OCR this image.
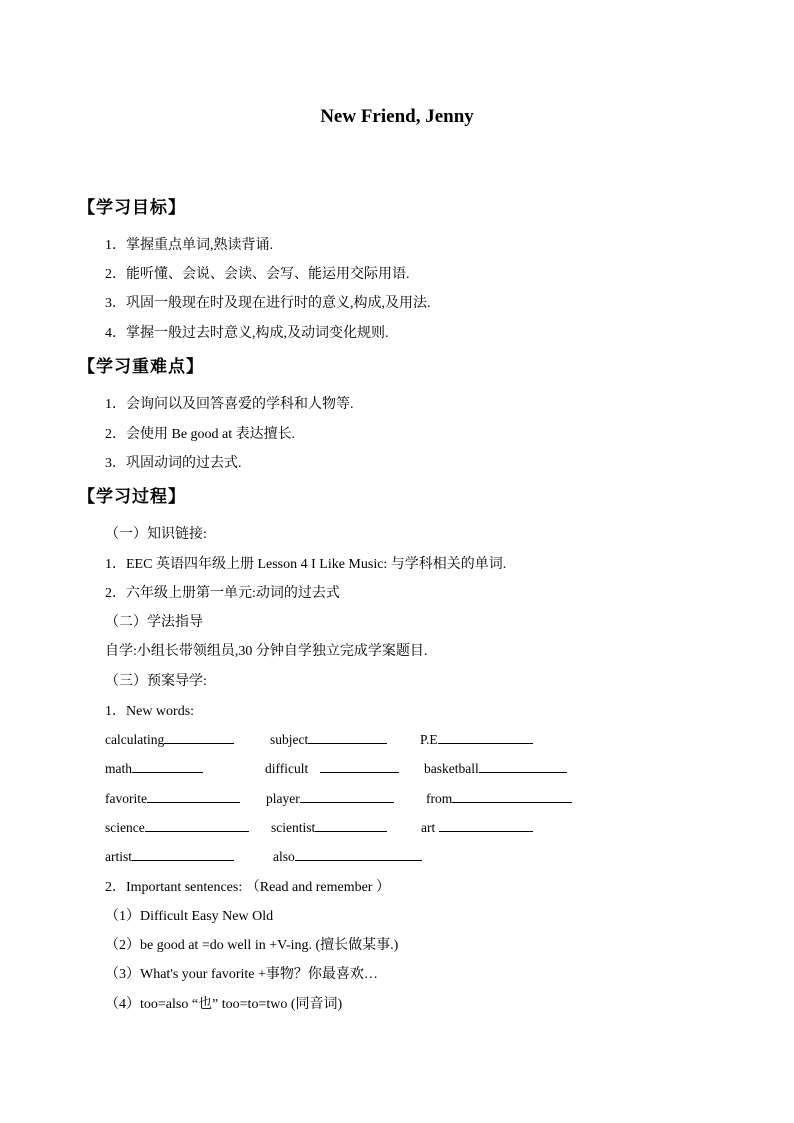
New Friend, Jenny
【学习目标】
1．掌握重点单词,熟读背诵.
2．能听懂、会说、会读、会写、能运用交际用语.
3．巩固一般现在时及现在进行时的意义,构成,及用法.
4．掌握一般过去时意义,构成,及动词变化规则.
【学习重难点】
1．会询问以及回答喜爱的学科和人物等.
2．会使用 Be good at 表达擅长.
3．巩固动词的过去式.
【学习过程】
（一）知识链接:
1．EEC 英语四年级上册 Lesson 4 I Like Music: 与学科相关的单词.
2．六年级上册第一单元:动词的过去式
（二）学法指导
自学:小组长带领组员,30 分钟自学独立完成学案题目.
（三）预案导学:
1．New words:
calculating	subject	P.E
math	difficult	basketball
favorite	player	from
science	scientist	art
artist	also
2．Important sentences: （Read and remember ）
（1）Difficult Easy New Old
（2）be good at =do well in +V-ing. (擅长做某事.)
（3）What's your favorite +事物？你最喜欢…
（4）too=also “也” too=to=two (同音词)
